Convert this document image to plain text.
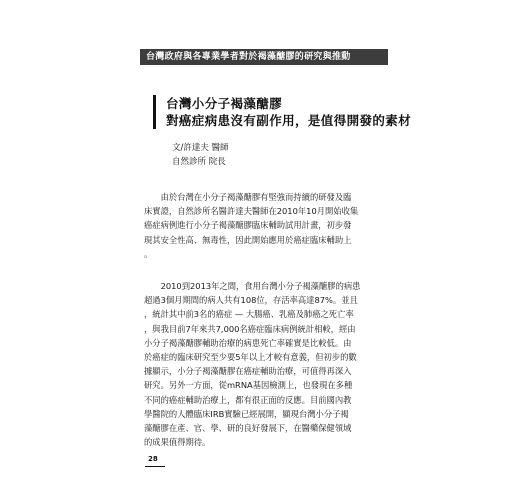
台灣政府與各專業學者對於褐藻醣膠的研究與推動
台灣小分子褐藻醣膠
對癌症病患沒有副作用，是值得開發的素材
文/許達夫 醫師
自然診所 院長
　　由於台灣在小分子褐藻醣膠有堅強而持續的研發及臨
床實證，自然診所名醫許達夫醫師在2010年10月開始收集
癌症病例進行小分子褐藻醣膠臨床輔助試用計畫，初步發
現其安全性高、無毒性，因此開始應用於癌症臨床輔助上
。
　　2010到2013年之間，食用台灣小分子褐藻醣膠的病患
超過3個月期間的病人共有108位，存活率高達87%。並且
，統計其中前3名的癌症 — 大腸癌、乳癌及肺癌之死亡率
，與我目前7年來共7,000名癌症臨床病例統計相較，經由
小分子褐藻醣膠輔助治療的病患死亡率確實是比較低。由
於癌症的臨床研究至少要5年以上才較有意義，但初步的數
據顯示，小分子褐藻醣膠在癌症輔助治療，可值得再深入
研究。另外一方面，從mRNA基因檢測上，也發現在多種
不同的癌症輔助治療上，都有很正面的反應。目前國內教
學醫院的人體臨床IRB實驗已經展開，顯現台灣小分子褐
藻醣膠在產、官、學、研的良好發展下，在醫藥保健領域
的成果值得期待。
28
